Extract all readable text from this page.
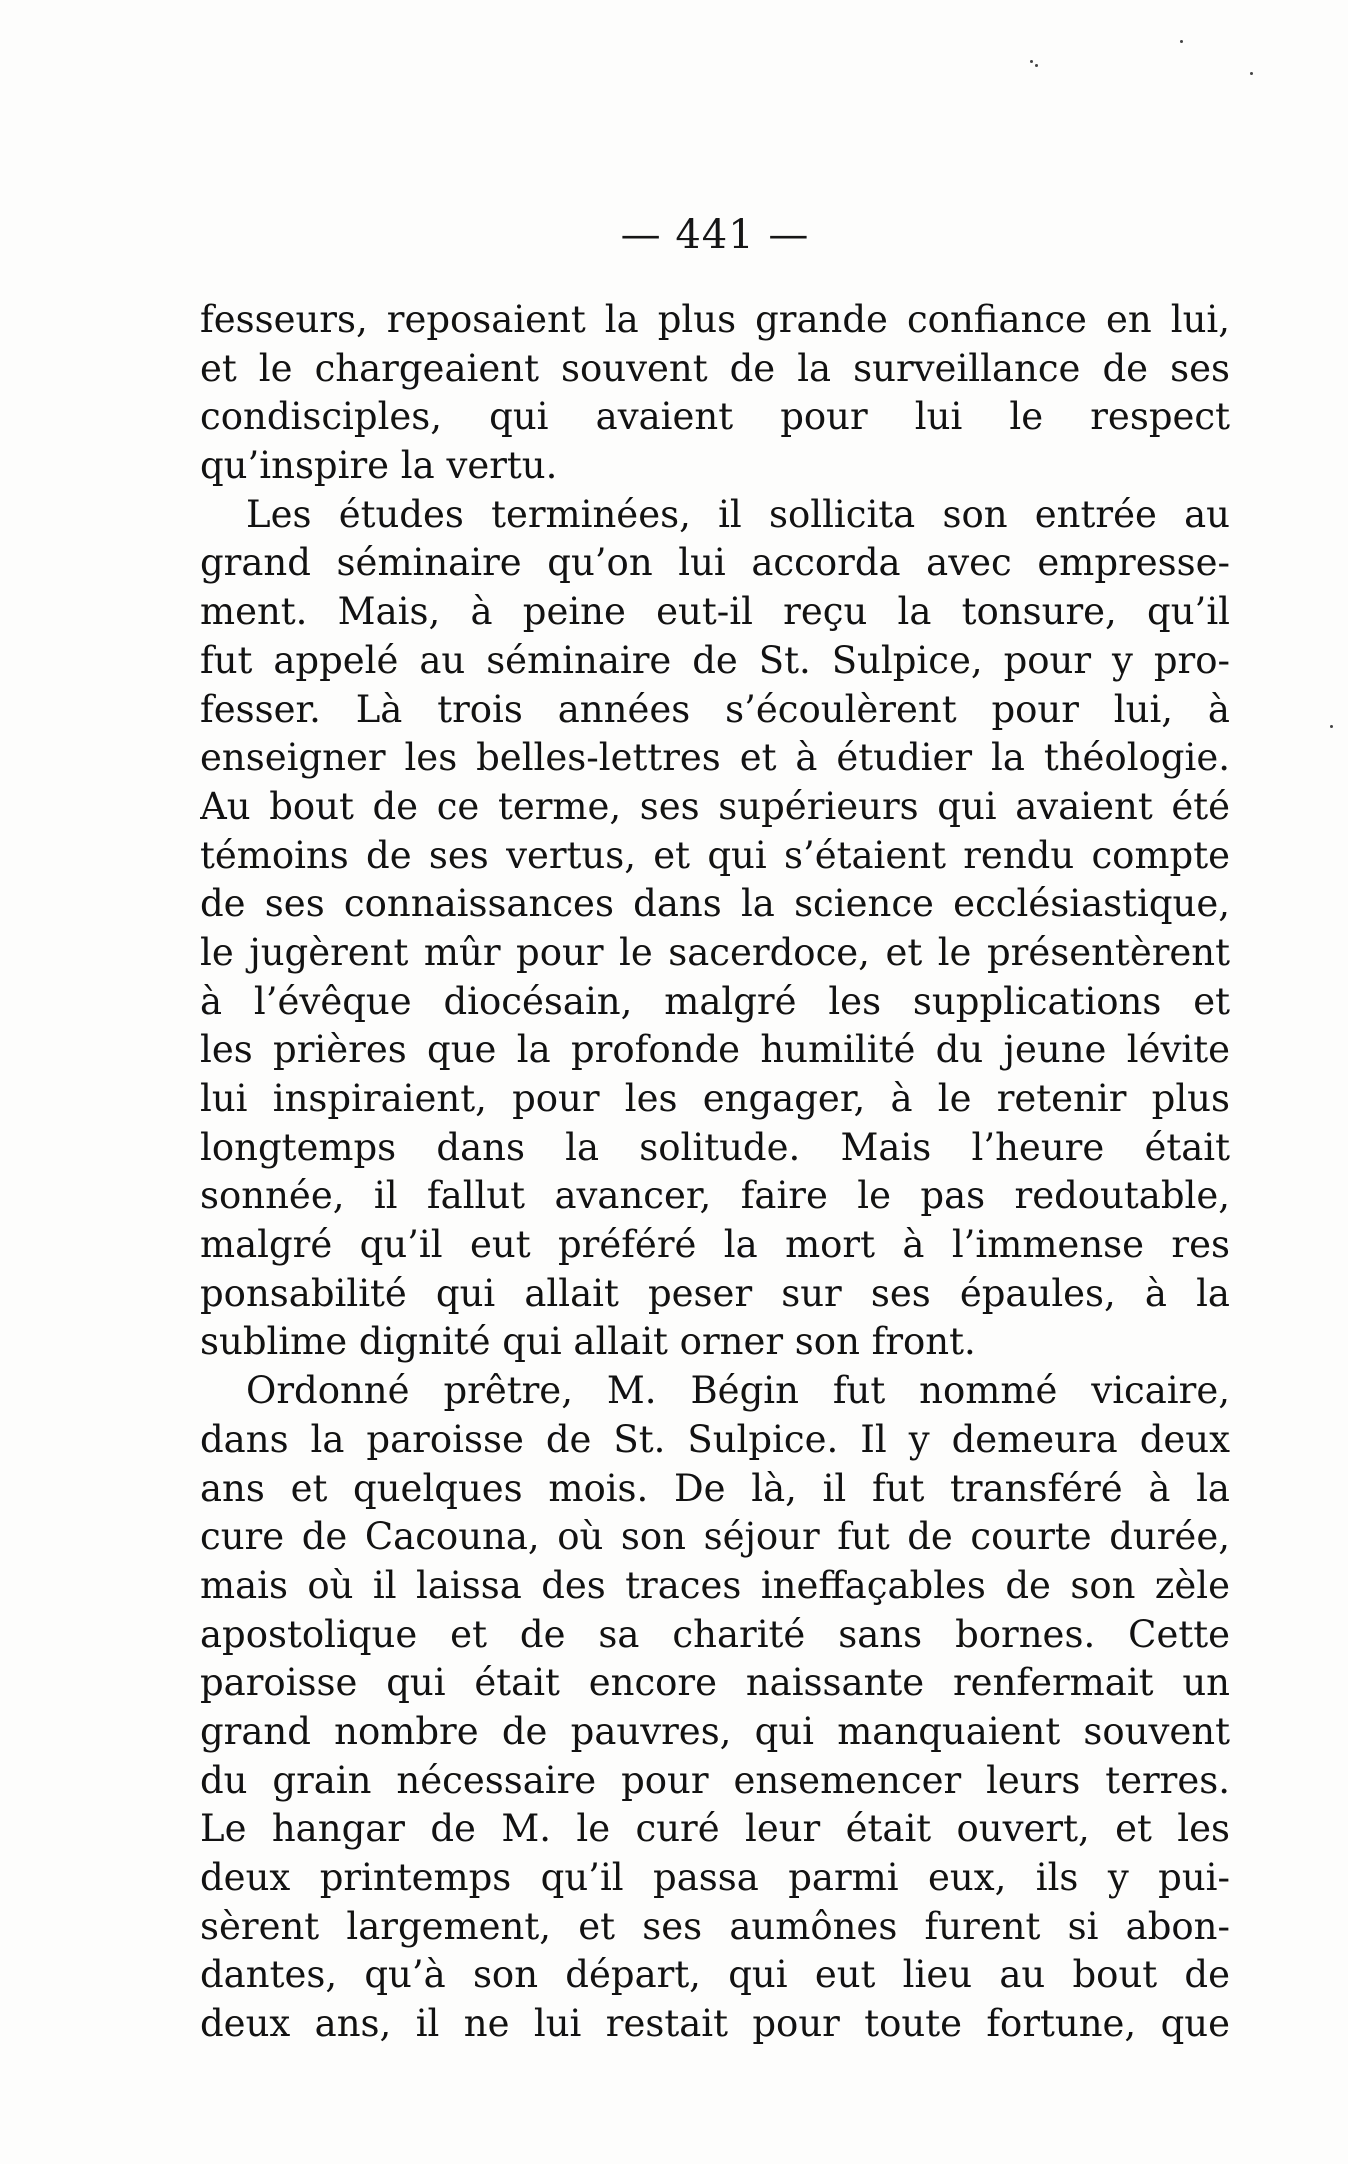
— 441 —
fesseurs, reposaient la plus grande confiance en lui,
et le chargeaient souvent de la surveillance de ses
condisciples, qui avaient pour lui le respect
qu’inspire la vertu.
Les études terminées, il sollicita son entrée au
grand séminaire qu’on lui accorda avec empresse-
ment. Mais, à peine eut-il reçu la tonsure, qu’il
fut appelé au séminaire de St. Sulpice, pour y pro-
fesser. Là trois années s’écoulèrent pour lui, à
enseigner les belles-lettres et à étudier la théologie.
Au bout de ce terme, ses supérieurs qui avaient été
témoins de ses vertus, et qui s’étaient rendu compte
de ses connaissances dans la science ecclésiastique,
le jugèrent mûr pour le sacerdoce, et le présentèrent
à l’évêque diocésain, malgré les supplications et
les prières que la profonde humilité du jeune lévite
lui inspiraient, pour les engager, à le retenir plus
longtemps dans la solitude. Mais l’heure était
sonnée, il fallut avancer, faire le pas redoutable,
malgré qu’il eut préféré la mort à l’immense res
ponsabilité qui allait peser sur ses épaules, à la
sublime dignité qui allait orner son front.
Ordonné prêtre, M. Bégin fut nommé vicaire,
dans la paroisse de St. Sulpice. Il y demeura deux
ans et quelques mois. De là, il fut transféré à la
cure de Cacouna, où son séjour fut de courte durée,
mais où il laissa des traces ineffaçables de son zèle
apostolique et de sa charité sans bornes. Cette
paroisse qui était encore naissante renfermait un
grand nombre de pauvres, qui manquaient souvent
du grain nécessaire pour ensemencer leurs terres.
Le hangar de M. le curé leur était ouvert, et les
deux printemps qu’il passa parmi eux, ils y pui-
sèrent largement, et ses aumônes furent si abon-
dantes, qu’à son départ, qui eut lieu au bout de
deux ans, il ne lui restait pour toute fortune, que
